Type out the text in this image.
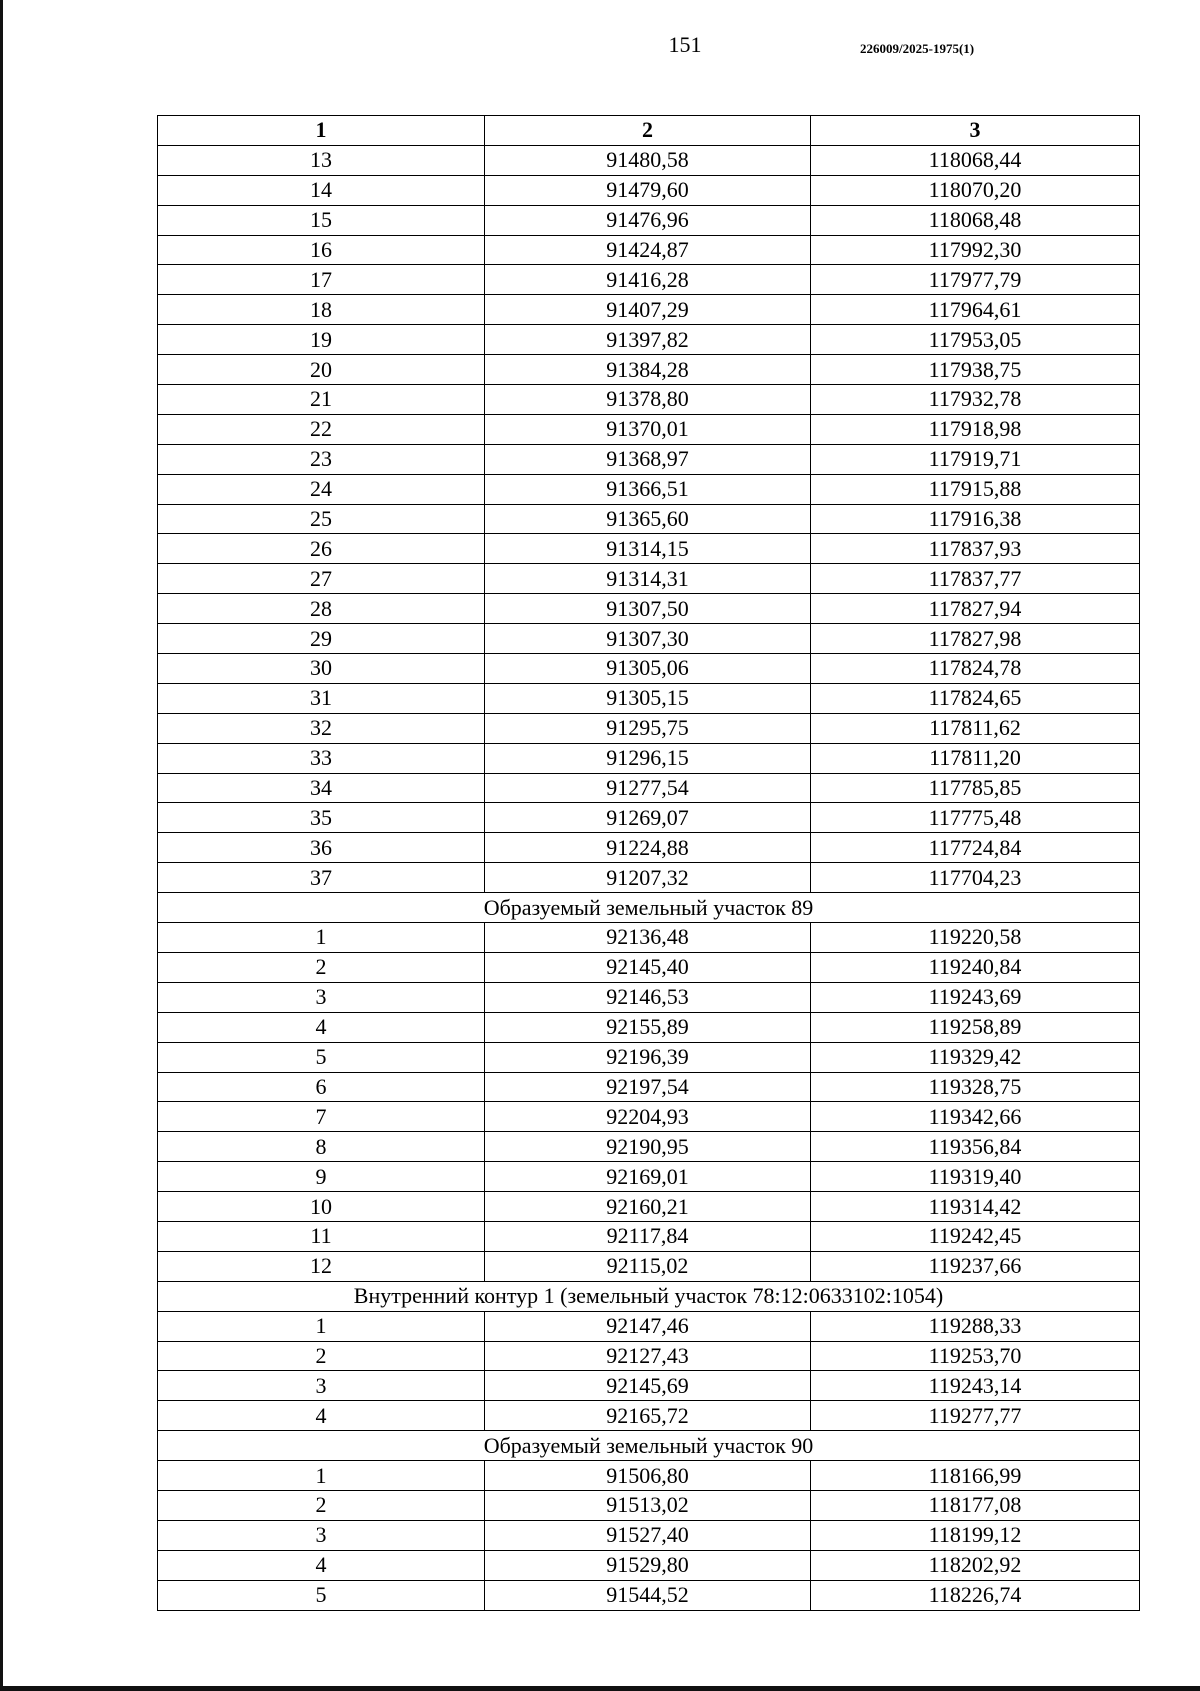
151	226009/2025-1975(1)
1	2	3
13	91480,58	118068,44
14	91479,60	118070,20
15	91476,96	118068,48
16	91424,87	117992,30
17	91416,28	117977,79
18	91407,29	117964,61
19	91397,82	117953,05
20	91384,28	117938,75
21	91378,80	117932,78
22	91370,01	117918,98
23	91368,97	117919,71
24	91366,51	117915,88
25	91365,60	117916,38
26	91314,15	117837,93
27	91314,31	117837,77
28	91307,50	117827,94
29	91307,30	117827,98
30	91305,06	117824,78
31	91305,15	117824,65
32	91295,75	117811,62
33	91296,15	117811,20
34	91277,54	117785,85
35	91269,07	117775,48
36	91224,88	117724,84
37	91207,32	117704,23
Образуемый земельный участок 89		
1	92136,48	119220,58
2	92145,40	119240,84
3	92146,53	119243,69
4	92155,89	119258,89
5	92196,39	119329,42
6	92197,54	119328,75
7	92204,93	119342,66
8	92190,95	119356,84
9	92169,01	119319,40
10	92160,21	119314,42
11	92117,84	119242,45
12	92115,02	119237,66
Внутренний контур 1 (земельный участок 78:12:0633102:1054)		
1	92147,46	119288,33
2	92127,43	119253,70
3	92145,69	119243,14
4	92165,72	119277,77
Образуемый земельный участок 90		
1	91506,80	118166,99
2	91513,02	118177,08
3	91527,40	118199,12
4	91529,80	118202,92
5	91544,52	118226,74
